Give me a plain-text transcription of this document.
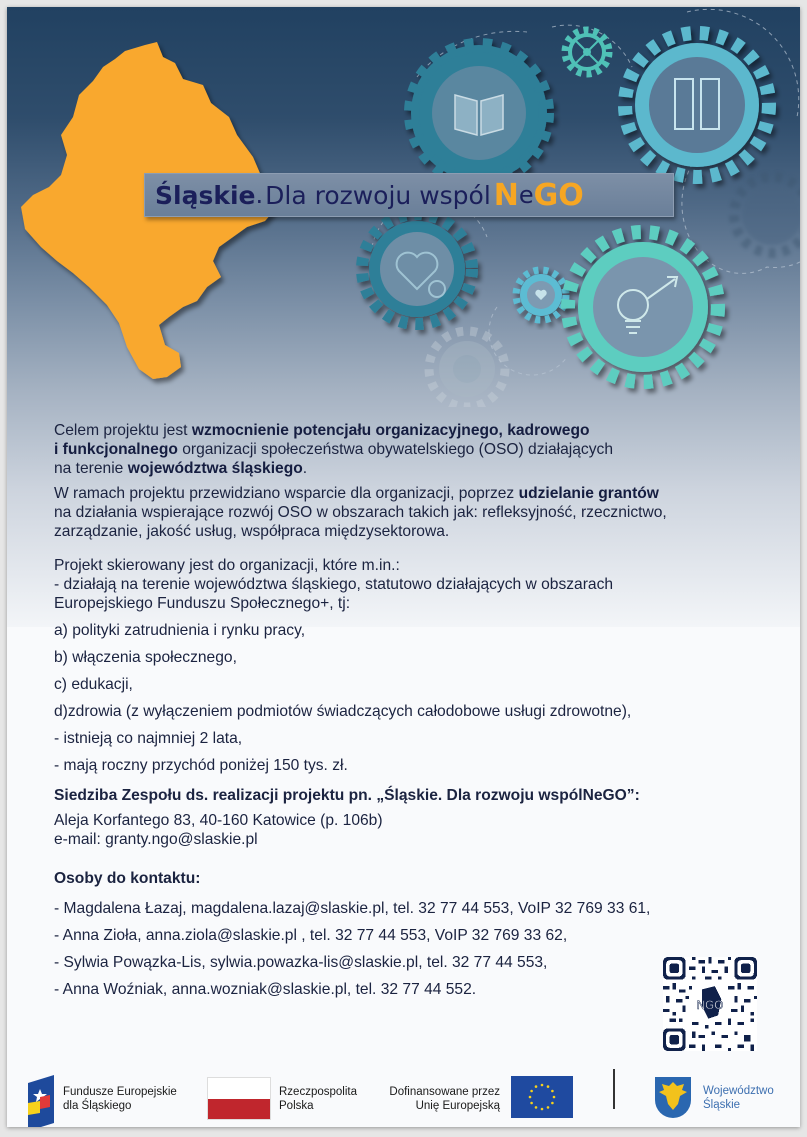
Śląskie . Dla rozwoju wspól N e GO

Celem projektu jest wzmocnienie potencjału organizacyjnego, kadrowego
i funkcjonalnego organizacji społeczeństwa obywatelskiego (OSO) działających
na terenie województwa śląskiego.

W ramach projektu przewidziano wsparcie dla organizacji, poprzez udzielanie grantów
na działania wspierające rozwój OSO w obszarach takich jak: refleksyjność, rzecznictwo,
zarządzanie, jakość usług, współpraca międzysektorowa.

Projekt skierowany jest do organizacji, które m.in.:

- działają na terenie województwa śląskiego, statutowo działających w obszarach

Europejskiego Funduszu Społecznego+, tj:

a) polityki zatrudnienia i rynku pracy,

b) włączenia społecznego,

c) edukacji,

d)zdrowia (z wyłączeniem podmiotów świadczących całodobowe usługi zdrowotne),

- istnieją co najmniej 2 lata,

- mają roczny przychód poniżej 150 tys. zł.

Siedziba Zespołu ds. realizacji projektu pn. „Śląskie. Dla rozwoju wspólNeGO”:

Aleja Korfantego 83, 40-160 Katowice (p. 106b)

e-mail: granty.ngo@slaskie.pl

Osoby do kontaktu:

- Magdalena Łazaj, magdalena.lazaj@slaskie.pl, tel. 32 77 44 553, VoIP 32 769 33 61,

- Anna Zioła, anna.ziola@slaskie.pl , tel. 32 77 44 553, VoIP 32 769 33 62,

- Sylwia Powązka-Lis, sylwia.powazka-lis@slaskie.pl, tel. 32 77 44 553,

- Anna Woźniak, anna.wozniak@slaskie.pl, tel. 32 77 44 552.

NGO
Fundusze Europejskie
dla Śląskiego
Rzeczpospolita
Polska
Dofinansowane przez
Unię Europejską
Województwo
Śląskie
